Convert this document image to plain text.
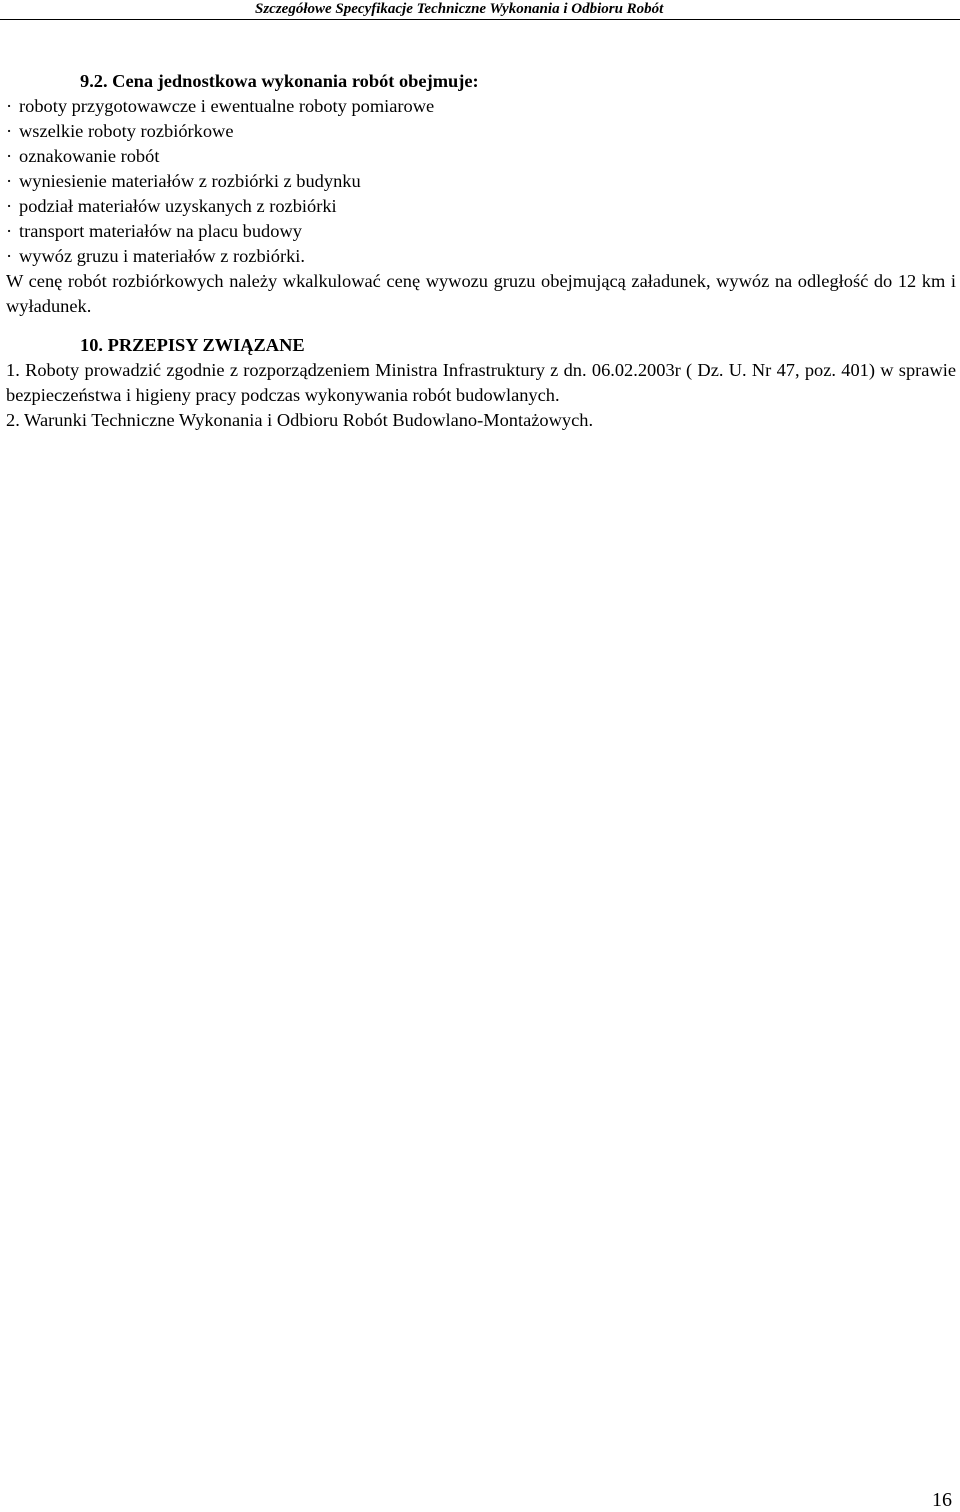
Szczegółowe Specyfikacje Techniczne Wykonania i Odbioru Robót
9.2. Cena jednostkowa wykonania robót obejmuje:
· roboty przygotowawcze i ewentualne roboty pomiarowe
· wszelkie roboty rozbiórkowe
· oznakowanie robót
· wyniesienie materiałów z rozbiórki z budynku
· podział materiałów uzyskanych z rozbiórki
· transport materiałów na placu budowy
· wywóz gruzu i materiałów z rozbiórki.

W cenę robót rozbiórkowych należy wkalkulować cenę wywozu gruzu obejmującą załadunek, wywóz na odległość do 12 km i wyładunek.

10. PRZEPISY ZWIĄZANE
1. Roboty prowadzić zgodnie z rozporządzeniem Ministra Infrastruktury z dn. 06.02.2003r ( Dz. U. Nr 47, poz. 401) w sprawie bezpieczeństwa i higieny pracy podczas wykonywania robót budowlanych.
2. Warunki Techniczne Wykonania i Odbioru Robót Budowlano-Montażowych.
16
